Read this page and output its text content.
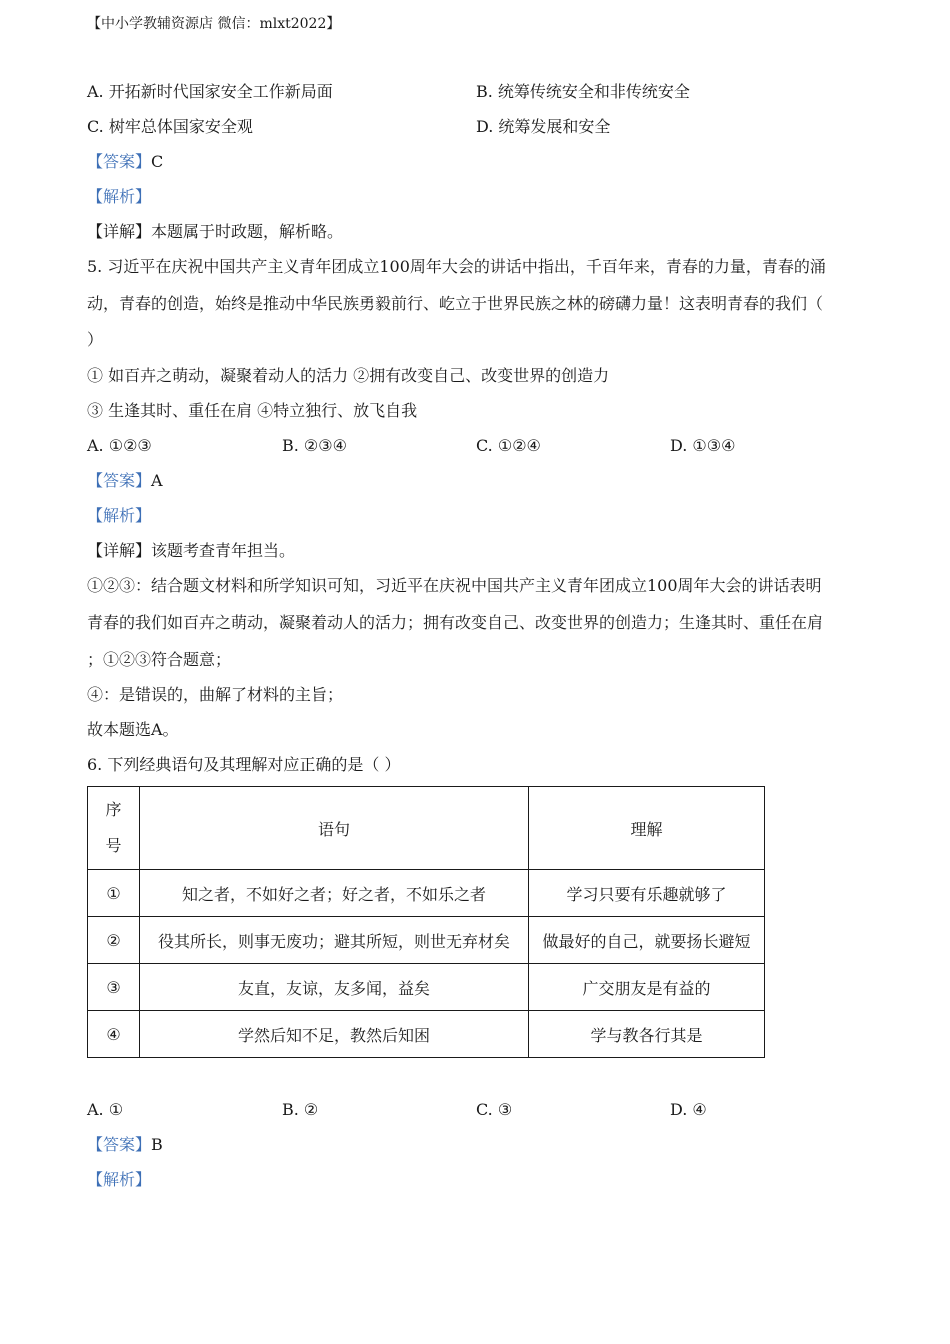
【中小学教辅资源店 微信：mlxt2022】
A. 开拓新时代国家安全工作新局面	B. 统筹传统安全和非传统安全
C. 树牢总体国家安全观	D. 统筹发展和安全
【答案】C
【解析】
【详解】本题属于时政题，解析略。
5. 习近平在庆祝中国共产主义青年团成立100周年大会的讲话中指出，千百年来，青春的力量，青春的涌
动，青春的创造，始终是推动中华民族勇毅前行、屹立于世界民族之林的磅礴力量！这表明青春的我们（
）
① 如百卉之萌动，凝聚着动人的活力 ②拥有改变自己、改变世界的创造力
③ 生逢其时、重任在肩 ④特立独行、放飞自我
A. ①②③	B. ②③④	C. ①②④	D. ①③④
【答案】A
【解析】
【详解】该题考查青年担当。
①②③：结合题文材料和所学知识可知，习近平在庆祝中国共产主义青年团成立100周年大会的讲话表明
青春的我们如百卉之萌动，凝聚着动人的活力；拥有改变自己、改变世界的创造力；生逢其时、重任在肩
；①②③符合题意；
④：是错误的，曲解了材料的主旨；
故本题选A。
6. 下列经典语句及其理解对应正确的是（ ）
序
号	语句	理解
①	知之者，不如好之者；好之者，不如乐之者	学习只要有乐趣就够了
②	役其所长，则事无废功；避其所短，则世无弃材矣	做最好的自己，就要扬长避短
③	友直，友谅，友多闻，益矣	广交朋友是有益的
④	学然后知不足，教然后知困	学与教各行其是
A. ①	B. ②	C. ③	D. ④
【答案】B
【解析】
